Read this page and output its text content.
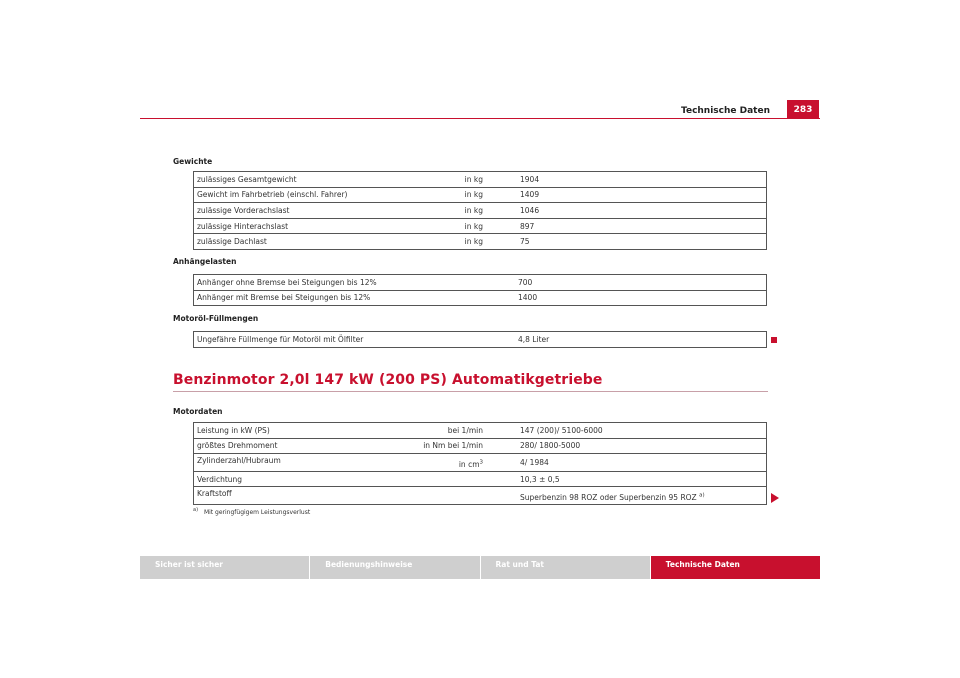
Technische Daten	283
Gewichte
zulässiges Gesamtgewicht	in kg	1904
Gewicht im Fahrbetrieb (einschl. Fahrer)	in kg	1409
zulässige Vorderachslast	in kg	1046
zulässige Hinterachslast	in kg	897
zulässige Dachlast	in kg	75
Anhängelasten
Anhänger ohne Bremse bei Steigungen bis 12%	700
Anhänger mit Bremse bei Steigungen bis 12%	1400
Motoröl-Füllmengen
Ungefähre Füllmenge für Motoröl mit Ölfilter	4,8 Liter
Benzinmotor 2,0l 147 kW (200 PS) Automatikgetriebe
Motordaten
Leistung in kW (PS)	bei 1/min	147 (200)/ 5100-6000
größtes Drehmoment	in Nm bei 1/min	280/ 1800-5000
Zylinderzahl/Hubraum	in $cm^3$	4/ 1984
Verdichtung		10,3 ± 0,5
Kraftstoff		Superbenzin 98 ROZ oder Superbenzin 95 ROZ $^{a)}$
$^{a)}$ Mit geringfügigem Leistungsverlust
Sicher ist sicher	Bedienungshinweise	Rat und Tat	Technische Daten
